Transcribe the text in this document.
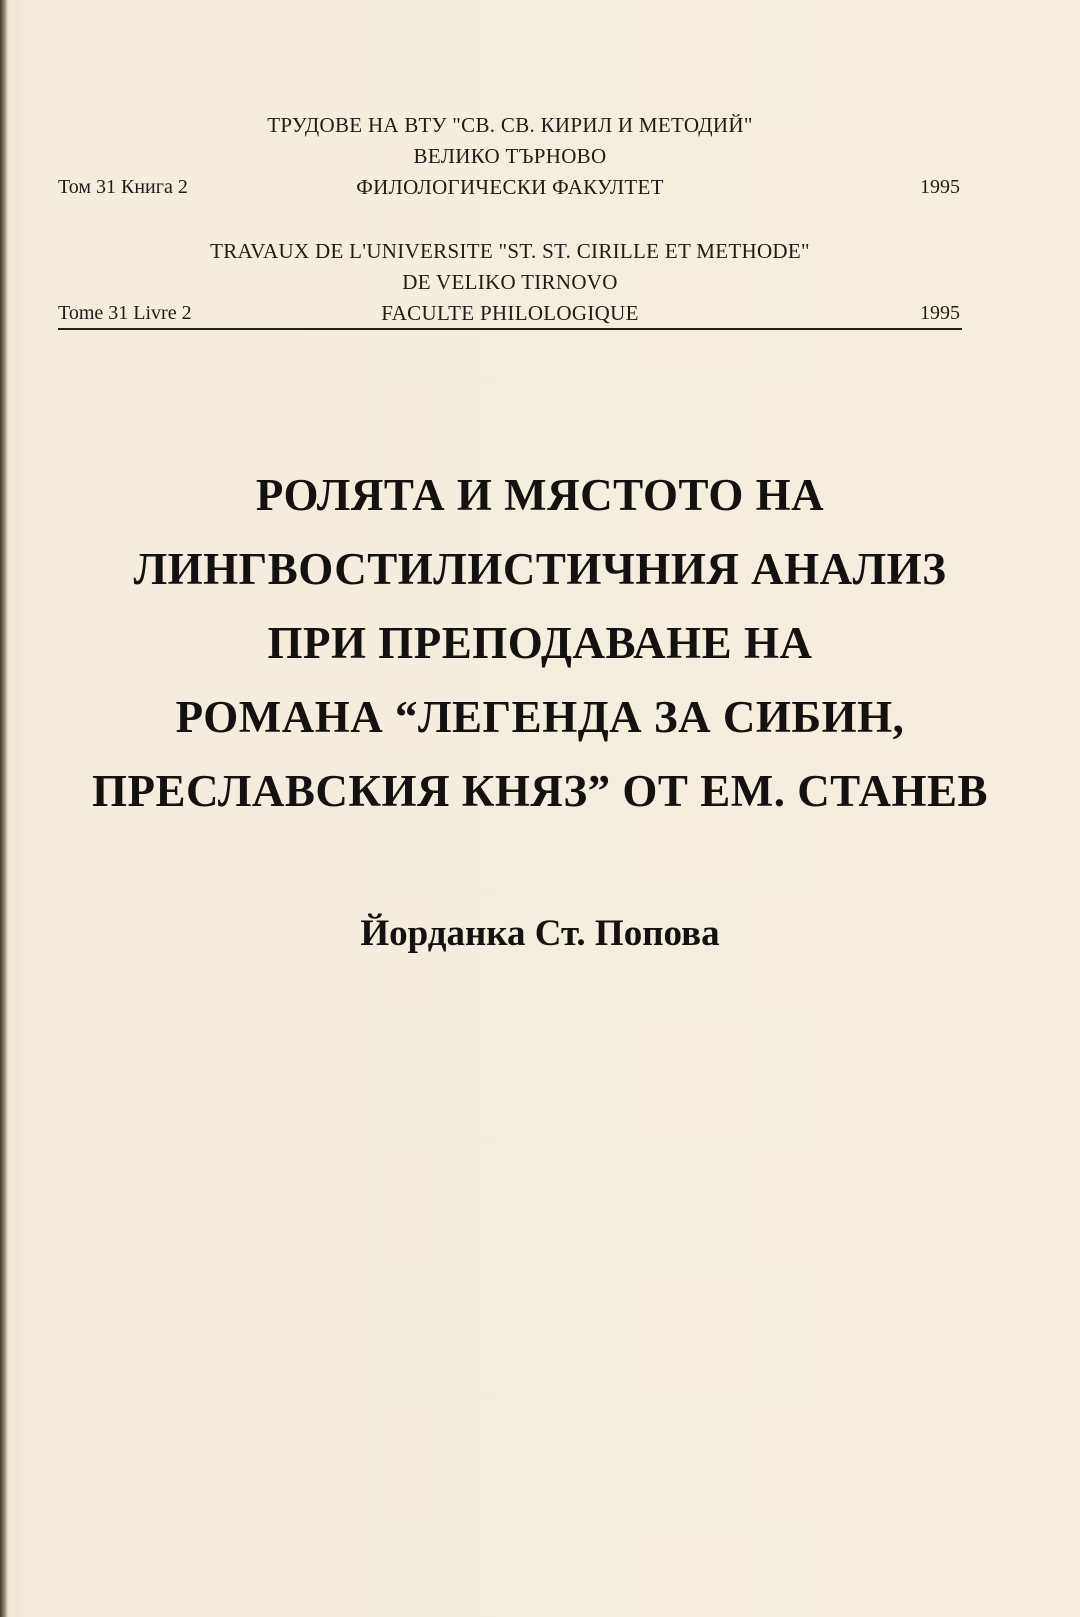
ТРУДОВЕ НА ВТУ "СВ. СВ. КИРИЛ И МЕТОДИЙ"
ВЕЛИКО ТЪРНОВО
Том 31 Книга 2	ФИЛОЛОГИЧЕСКИ ФАКУЛТЕТ	1995
TRAVAUX DE L'UNIVERSITE "ST. ST. CIRILLE ET METHODE"
DE VELIKO TIRNOVO
Tome 31 Livre 2	FACULTE PHILOLOGIQUE	1995
РОЛЯТА И МЯСТОТО НА
ЛИНГВОСТИЛИСТИЧНИЯ АНАЛИЗ
ПРИ ПРЕПОДАВАНЕ НА
РОМАНА “ЛЕГЕНДА ЗА СИБИН,
ПРЕСЛАВСКИЯ КНЯЗ” ОТ ЕМ. СТАНЕВ
Йорданка Ст. Попова
